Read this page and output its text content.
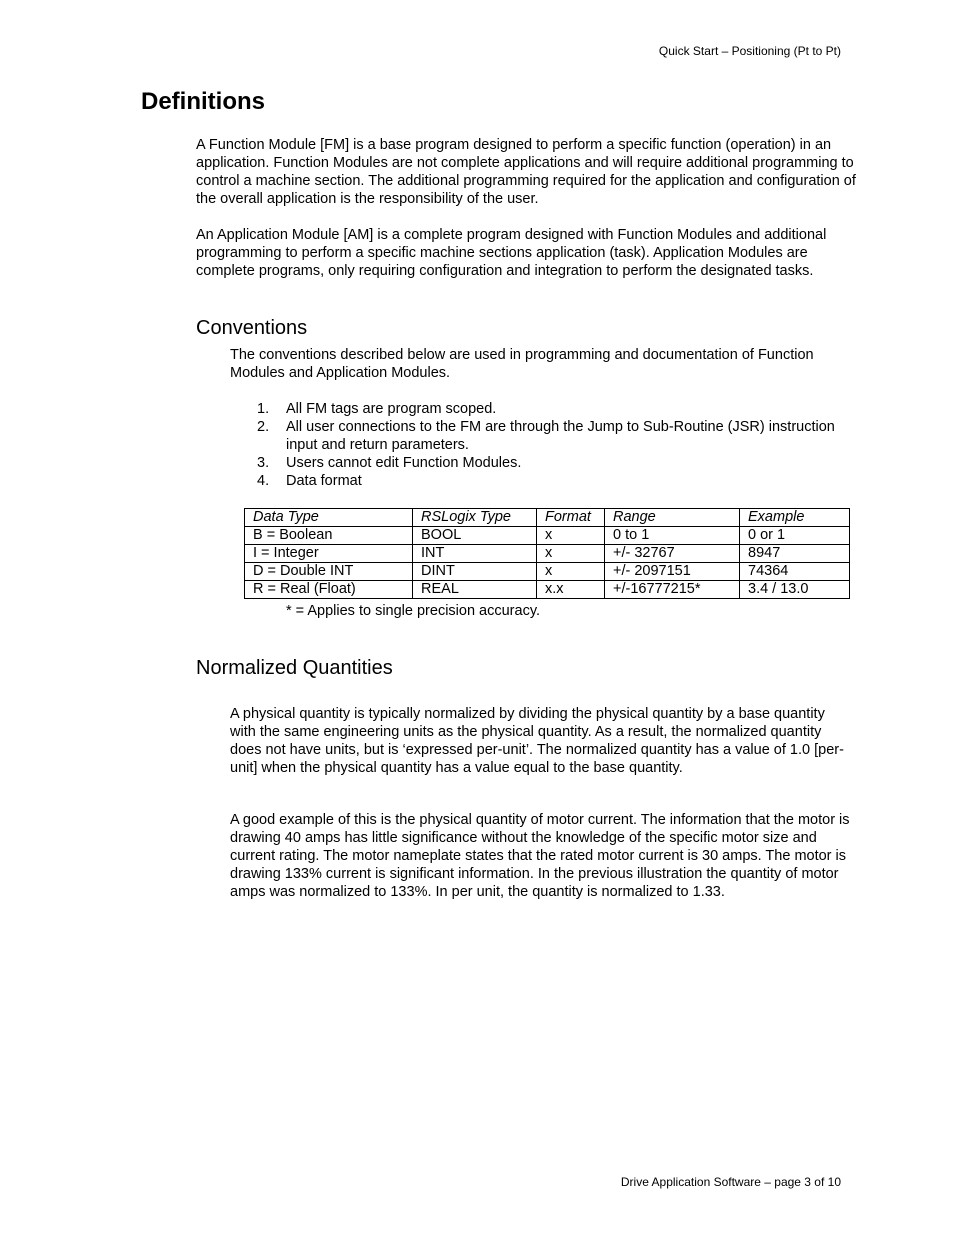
Quick Start – Positioning (Pt to Pt)
Definitions

A Function Module [FM] is a base program designed to perform a specific function (operation) in an application. Function Modules are not complete applications and will require additional programming to control a machine section. The additional programming required for the application and configuration of the overall application is the responsibility of the user.

An Application Module [AM] is a complete program designed with Function Modules and additional programming to perform a specific machine sections application (task). Application Modules are complete programs, only requiring configuration and integration to perform the designated tasks.

Conventions

The conventions described below are used in programming and documentation of Function Modules and Application Modules.

1. All FM tags are program scoped.
2. All user connections to the FM are through the Jump to Sub-Routine (JSR) instruction input and return parameters.
3. Users cannot edit Function Modules.
4. Data format
Data Type	RSLogix Type	Format	Range	Example
B = Boolean	BOOL	x	0 to 1	0 or 1
I = Integer	INT	x	+/- 32767	8947
D = Double INT	DINT	x	+/- 2097151	74364
R = Real (Float)	REAL	x.x	+/-16777215*	3.4 / 13.0
* = Applies to single precision accuracy.
Normalized Quantities

A physical quantity is typically normalized by dividing the physical quantity by a base quantity with the same engineering units as the physical quantity. As a result, the normalized quantity does not have units, but is ‘expressed per-unit’. The normalized quantity has a value of 1.0 [per-unit] when the physical quantity has a value equal to the base quantity.

A good example of this is the physical quantity of motor current. The information that the motor is drawing 40 amps has little significance without the knowledge of the specific motor size and current rating. The motor nameplate states that the rated motor current is 30 amps. The motor is drawing 133% current is significant information. In the previous illustration the quantity of motor amps was normalized to 133%. In per unit, the quantity is normalized to 1.33.

Drive Application Software – page 3 of 10
